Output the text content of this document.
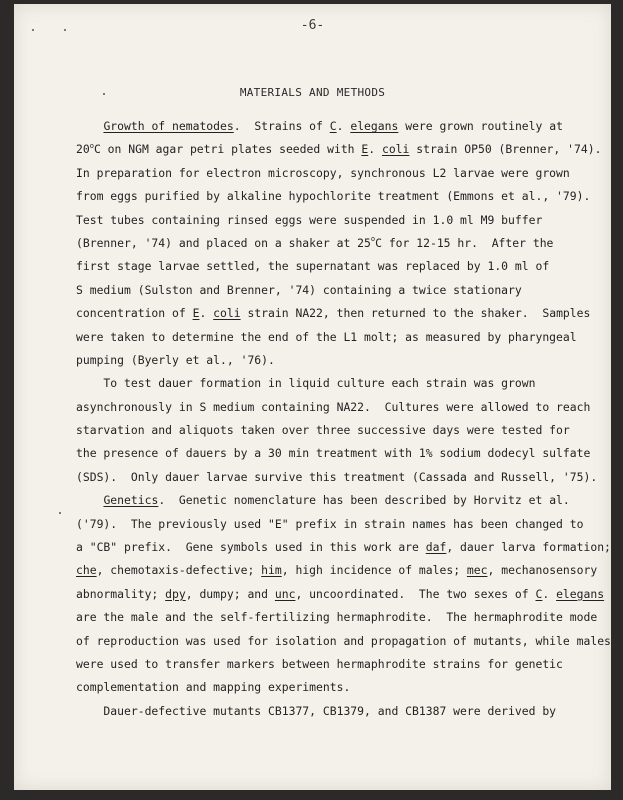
-6-
MATERIALS AND METHODS
Growth of nematodes.  Strains of C. elegans were grown routinely at
20$^o$C on NGM agar petri plates seeded with E. coli strain OP50 (Brenner, '74).
In preparation for electron microscopy, synchronous L2 larvae were grown
from eggs purified by alkaline hypochlorite treatment (Emmons et al., '79).
Test tubes containing rinsed eggs were suspended in 1.0 ml M9 buffer
(Brenner, '74) and placed on a shaker at 25$^o$C for 12-15 hr.  After the
first stage larvae settled, the supernatant was replaced by 1.0 ml of
S medium (Sulston and Brenner, '74) containing a twice stationary
concentration of E. coli strain NA22, then returned to the shaker.  Samples
were taken to determine the end of the L1 molt; as measured by pharyngeal
pumping (Byerly et al., '76).
To test dauer formation in liquid culture each strain was grown
asynchronously in S medium containing NA22.  Cultures were allowed to reach
starvation and aliquots taken over three successive days were tested for
the presence of dauers by a 30 min treatment with 1% sodium dodecyl sulfate
(SDS).  Only dauer larvae survive this treatment (Cassada and Russell, '75).
Genetics.  Genetic nomenclature has been described by Horvitz et al.
('79).  The previously used "E" prefix in strain names has been changed to
a "CB" prefix.  Gene symbols used in this work are daf, dauer larva formation;
che, chemotaxis-defective; him, high incidence of males; mec, mechanosensory
abnormality; dpy, dumpy; and unc, uncoordinated.  The two sexes of C. elegans
are the male and the self-fertilizing hermaphrodite.  The hermaphrodite mode
of reproduction was used for isolation and propagation of mutants, while males
were used to transfer markers between hermaphrodite strains for genetic
complementation and mapping experiments.
Dauer-defective mutants CB1377, CB1379, and CB1387 were derived by
